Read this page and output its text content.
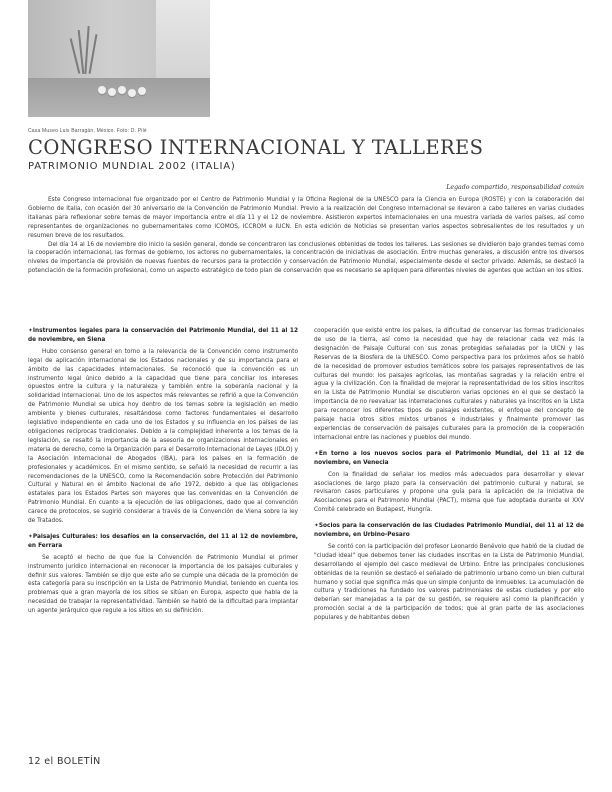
Casa Museo Luis Barragán, México. Foto: D. Pilé
CONGRESO INTERNACIONAL Y TALLERES
PATRIMONIO MUNDIAL 2002 (ITALIA)
Legado compartido, responsabilidad común

Este Congreso Internacional fue organizado por el Centro de Patrimonio Mundial y la Oficina Regional de la UNESCO para la Ciencia en Europa (ROSTE) y con la colaboración del Gobierno de Italia, con ocasión del 30 aniversario de la Convención de Patrimonio Mundial. Previo a la realización del Congreso Internacional se llevaron a cabo talleres en varias ciudades italianas para reflexionar sobre temas de mayor importancia entre el día 11 y el 12 de noviembre. Asistieron expertos internacionales en una muestra variada de varios países, así como representantes de organizaciones no gubernamentales como ICOMOS, ICCROM e IUCN. En esta edición de Noticias se presentan varios aspectos sobresalientes de los resultados y un resumen breve de los resultados.

Del día 14 al 16 de noviembre dio inicio la sesión general, donde se concentraron las conclusiones obtenidas de todos los talleres. Las sesiones se dividieron bajo grandes temas como la cooperación internacional, las formas de gobierno, los actores no gubernamentales, la concentración de iniciativas de asociación. Entre muchas generales, a discusión entre los diversos niveles de importancia de provisión de nuevas fuentes de recursos para la protección y conservación de Patrimonio Mundial, especialmente desde el sector privado. Además, se destacó la potenciación de la formación profesional, como un aspecto estratégico de todo plan de conservación que es necesario se apliquen para diferentes niveles de agentes que actúan en los sitios.

✦ Instrumentos legales para la conservación del Patrimonio Mundial, del 11 al 12 de noviembre, en Siena

Hubo consenso general en torno a la relevancia de la Convención como instrumento legal de aplicación internacional de los Estados nacionales y de su importancia para el ámbito de las capacidades internacionales. Se reconoció que la convención es un instrumento legal único debido a la capacidad que tiene para conciliar los intereses opuestos entre la cultura y la naturaleza y también entre la soberanía nacional y la solidaridad internacional. Uno de los aspectos más relevantes se refirió a que la Convención de Patrimonio Mundial se ubica hoy dentro de los temas sobre la legislación en medio ambiente y bienes culturales, resaltándose como factores fundamentales el desarrollo legislativo independiente en cada uno de los Estados y su influencia en los países de las obligaciones recíprocas tradicionales. Debido a la complejidad inherente a los temas de la legislación, se resaltó la importancia de la asesoría de organizaciones internacionales en materia de derecho, como la Organización para el Desarrollo Internacional de Leyes (IDLO) y la Asociación Internacional de Abogados (IBA), para los países en la formación de profesionales y académicos. En el mismo sentido, se señaló la necesidad de recurrir a las recomendaciones de la UNESCO, como la Recomendación sobre Protección del Patrimonio Cultural y Natural en el ámbito Nacional de año 1972, debido a que las obligaciones estatales para los Estados Partes son mayores que las convenidas en la Convención de Patrimonio Mundial. En cuanto a la ejecución de las obligaciones, dado que al convención carece de protocolos, se sugirió considerar a través de la Convención de Viena sobre la ley de Tratados.

✦ Paisajes Culturales: los desafíos en la conservación, del 11 al 12 de noviembre, en Ferrara

Se aceptó el hecho de que fue la Convención de Patrimonio Mundial el primer instrumento jurídico internacional en reconocer la importancia de los paisajes culturales y definir sus valores. También se dijo que este año se cumple una década de la promoción de esta categoría para su inscripción en la Lista de Patrimonio Mundial, teniendo en cuenta los problemas que a gran mayoría de los sitios se sitúan en Europa, aspecto que habla de la necesidad de trabajar la representatividad. También se habló de la dificultad para implantar un agente jerárquico que regule a los sitios en su definición.

cooperación que existe entre los países, la dificultad de conservar las formas tradicionales de uso de la tierra, así como la necesidad que hay de relacionar cada vez más la designación de Paisaje Cultural con sus zonas protegidas señaladas por la UICN y las Reservas de la Biosfera de la UNESCO. Como perspectiva para los próximos años se habló de la necesidad de promover estudios temáticos sobre los paisajes representativos de las culturas del mundo: los paisajes agrícolas, las montañas sagradas y la relación entre el agua y la civilización. Con la finalidad de mejorar la representatividad de los sitios inscritos en la Lista de Patrimonio Mundial se discutieron varias opciones en el que se destacó la importancia de no reevaluar las interrelaciones culturales y naturales ya inscritos en la Lista para reconocer los diferentes tipos de paisajes existentes, el enfoque del concepto de paisaje hacia otros sitios mixtos urbanos e industriales y finalmente promover las experiencias de conservación de paisajes culturales para la promoción de la cooperación internacional entre las naciones y pueblos del mundo.

✦ En torno a los nuevos socios para el Patrimonio Mundial, del 11 al 12 de noviembre, en Venecia

Con la finalidad de señalar los medios más adecuados para desarrollar y elevar asociaciones de largo plazo para la conservación del patrimonio cultural y natural, se revisaron casos particulares y propone una guía para la aplicación de la iniciativa de Asociaciones para el Patrimonio Mundial (PACT), misma que fue adoptada durante el XXV Comité celebrado en Budapest, Hungría.

✦ Socios para la conservación de las Ciudades Patrimonio Mundial, del 11 al 12 de noviembre, en Urbino-Pesaro

Se contó con la participación del profesor Leonardo Benévolo que habló de la ciudad de "ciudad ideal" que debemos tener las ciudades inscritas en la Lista de Patrimonio Mundial, desarrollando el ejemplo del casco medieval de Urbino. Entre las principales conclusiones obtenidas de la reunión se destacó el señalado de patrimonio urbano como un bien cultural humano y social que significa más que un simple conjunto de inmuebles. La acumulación de cultura y tradiciones ha fundado los valores patrimoniales de estas ciudades y por ello deberían ser manejadas a la par de su gestión, se requiere así como la planificación y promoción social a de la participación de todos; que al gran parte de las asociaciones populares y de habitantes deben

12 el BOLETÍN
